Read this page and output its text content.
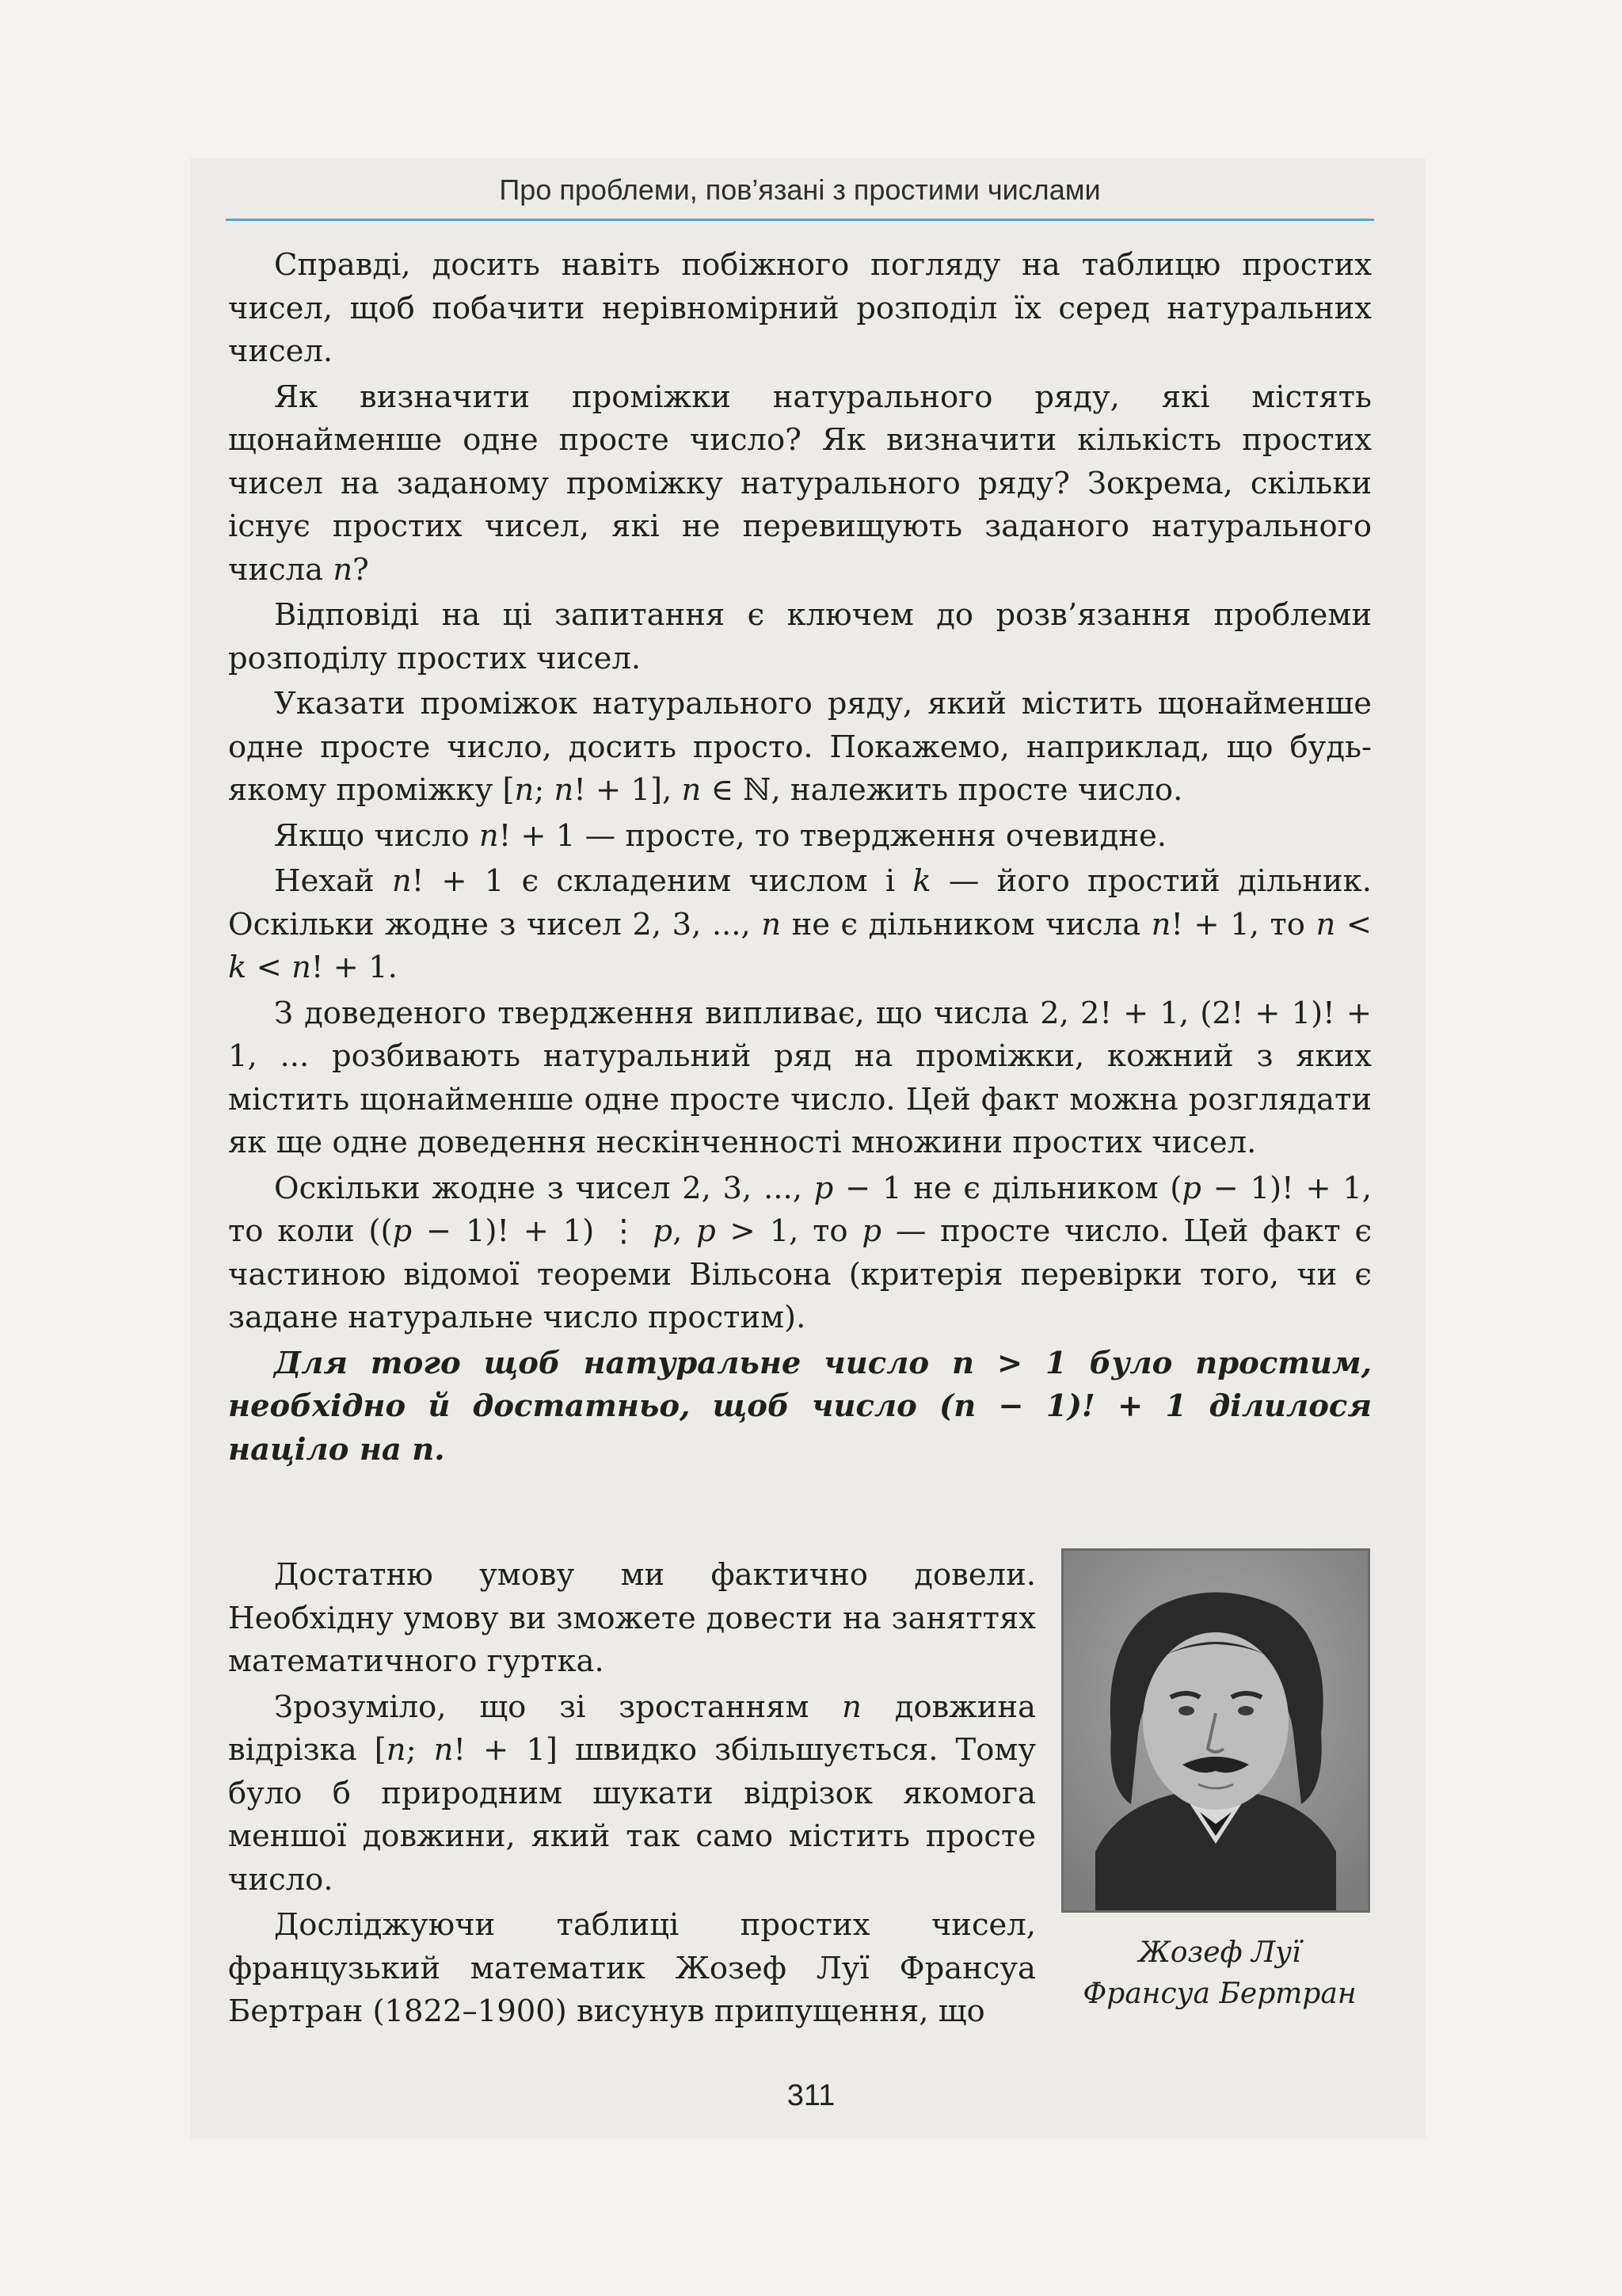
Про проблеми, пов’язані з простими числами

Справді, досить навіть побіжного погляду на таблицю простих чисел, щоб побачити нерівномірний розподіл їх серед натуральних чисел.

Як визначити проміжки натурального ряду, які містять щонайменше одне просте число? Як визначити кількість простих чисел на заданому проміжку натурального ряду? Зокрема, скільки існує простих чисел, які не перевищують заданого натурального числа n?

Відповіді на ці запитання є ключем до розв’язання проблеми розподілу простих чисел.

Указати проміжок натурального ряду, який містить щонайменше одне просте число, досить просто. Покажемо, наприклад, що будь-якому проміжку [n; n! + 1], n ∈ ℕ, належить просте число.

Якщо число n! + 1 — просте, то твердження очевидне.

Нехай n! + 1 є складеним числом і k — його простий дільник. Оскільки жодне з чисел 2, 3, ..., n не є дільником числа n! + 1, то n < k < n! + 1.

З доведеного твердження випливає, що числа 2, 2! + 1, (2! + 1)! + 1, ... розбивають натуральний ряд на проміжки, кожний з яких містить щонайменше одне просте число. Цей факт можна розглядати як ще одне доведення нескінченності множини простих чисел.

Оскільки жодне з чисел 2, 3, ..., p − 1 не є дільником (p − 1)! + 1, то коли ((p − 1)! + 1) ⋮ p, p > 1, то p — просте число. Цей факт є частиною відомої теореми Вільсона (критерія перевірки того, чи є задане натуральне число простим).

Для того щоб натуральне число n > 1 було простим, необхідно й достатньо, щоб число (n − 1)! + 1 ділилося націло на n.

Достатню умову ми фактично довели. Необхідну умову ви зможете довести на заняттях математичного гуртка.

Зрозуміло, що зі зростанням n довжина відрізка [n; n! + 1] швидко збільшується. Тому було б природним шукати відрізок якомога меншої довжини, який так само містить просте число.

Досліджуючи таблиці простих чисел, французький математик Жозеф Луї Франсуа Бертран (1822–1900) висунув припущення, що

Жозеф Луї
Франсуа Бертран
311
